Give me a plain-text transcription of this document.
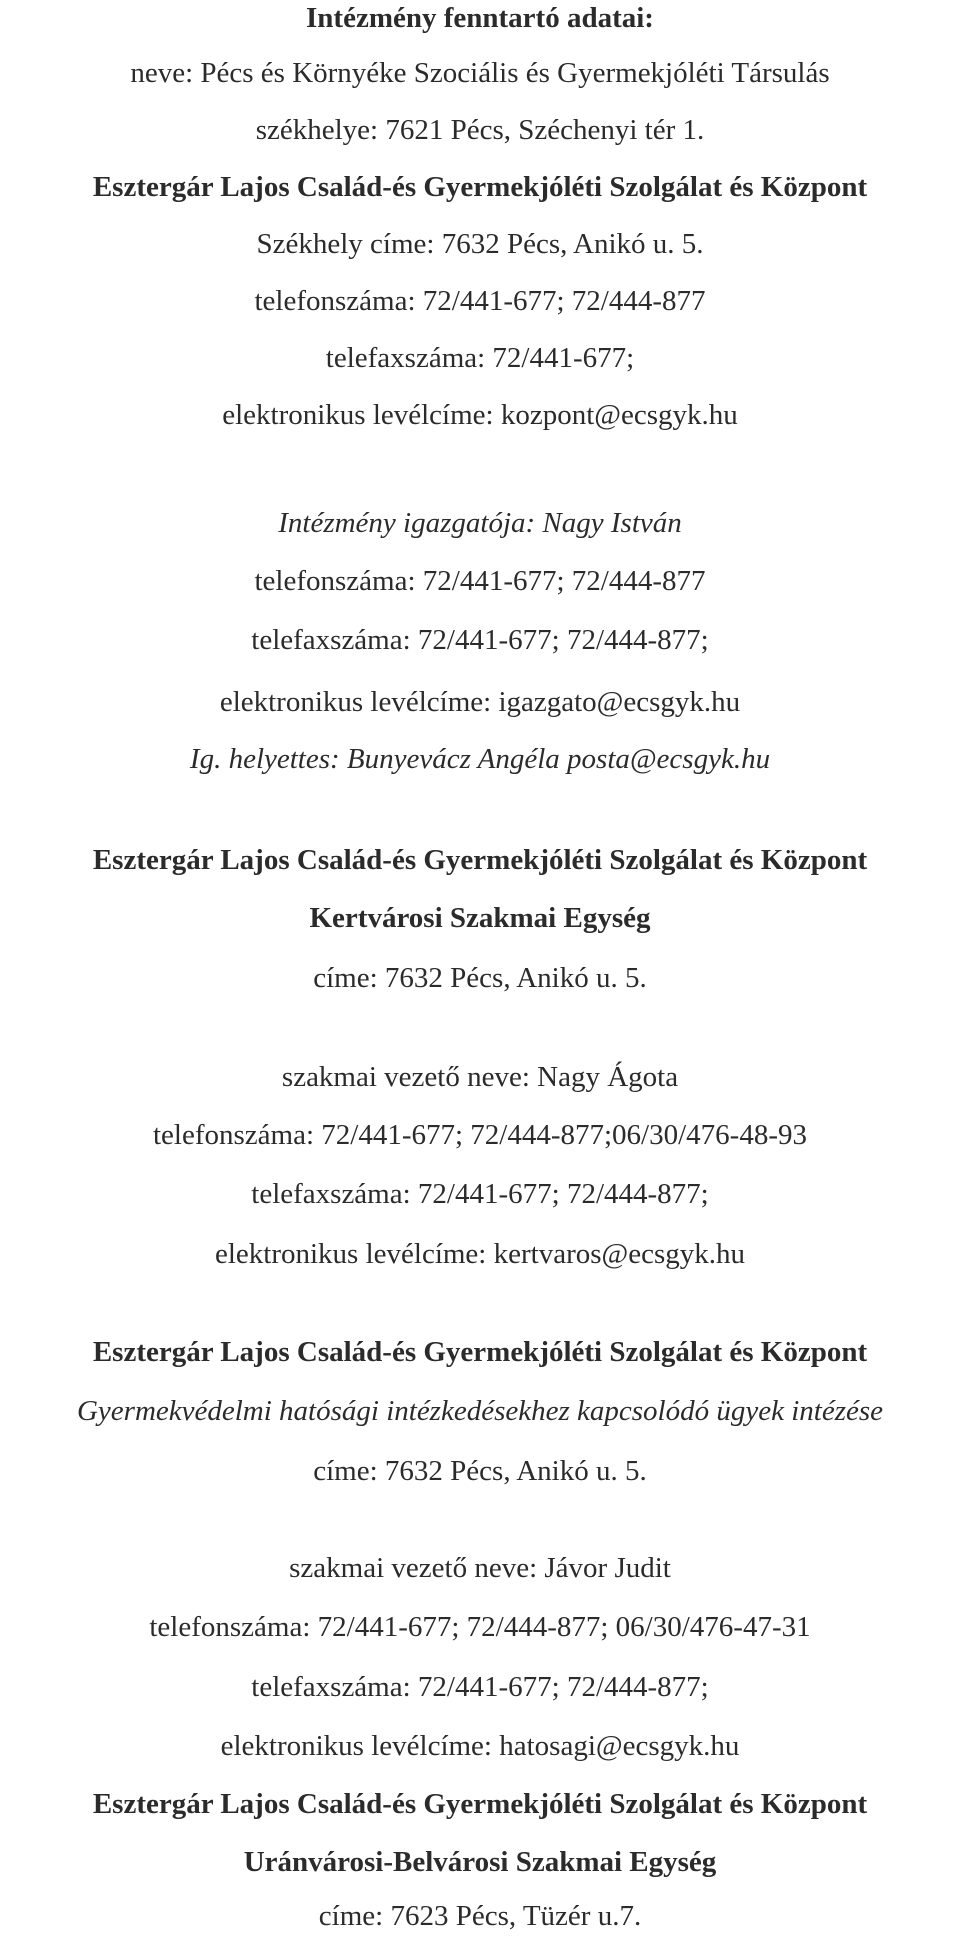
Intézmény fenntartó adatai:
neve: Pécs és Környéke Szociális és Gyermekjóléti Társulás
székhelye: 7621 Pécs, Széchenyi tér 1.
Esztergár Lajos Család-és Gyermekjóléti Szolgálat és Központ
Székhely címe: 7632 Pécs, Anikó u. 5.
telefonszáma: 72/441-677; 72/444-877
telefaxszáma: 72/441-677;
elektronikus levélcíme: kozpont@ecsgyk.hu
Intézmény igazgatója: Nagy István
telefonszáma: 72/441-677; 72/444-877
telefaxszáma: 72/441-677; 72/444-877;
elektronikus levélcíme: igazgato@ecsgyk.hu
Ig. helyettes: Bunyevácz Angéla posta@ecsgyk.hu
Esztergár Lajos Család-és Gyermekjóléti Szolgálat és Központ
Kertvárosi Szakmai Egység
címe: 7632 Pécs, Anikó u. 5.
szakmai vezető neve: Nagy Ágota
telefonszáma: 72/441-677; 72/444-877;06/30/476-48-93
telefaxszáma: 72/441-677; 72/444-877;
elektronikus levélcíme: kertvaros@ecsgyk.hu
Esztergár Lajos Család-és Gyermekjóléti Szolgálat és Központ
Gyermekvédelmi hatósági intézkedésekhez kapcsolódó ügyek intézése
címe: 7632 Pécs, Anikó u. 5.
szakmai vezető neve: Jávor Judit
telefonszáma: 72/441-677; 72/444-877; 06/30/476-47-31
telefaxszáma: 72/441-677; 72/444-877;
elektronikus levélcíme: hatosagi@ecsgyk.hu
Esztergár Lajos Család-és Gyermekjóléti Szolgálat és Központ
Uránvárosi-Belvárosi Szakmai Egység
címe: 7623 Pécs, Tüzér u.7.
